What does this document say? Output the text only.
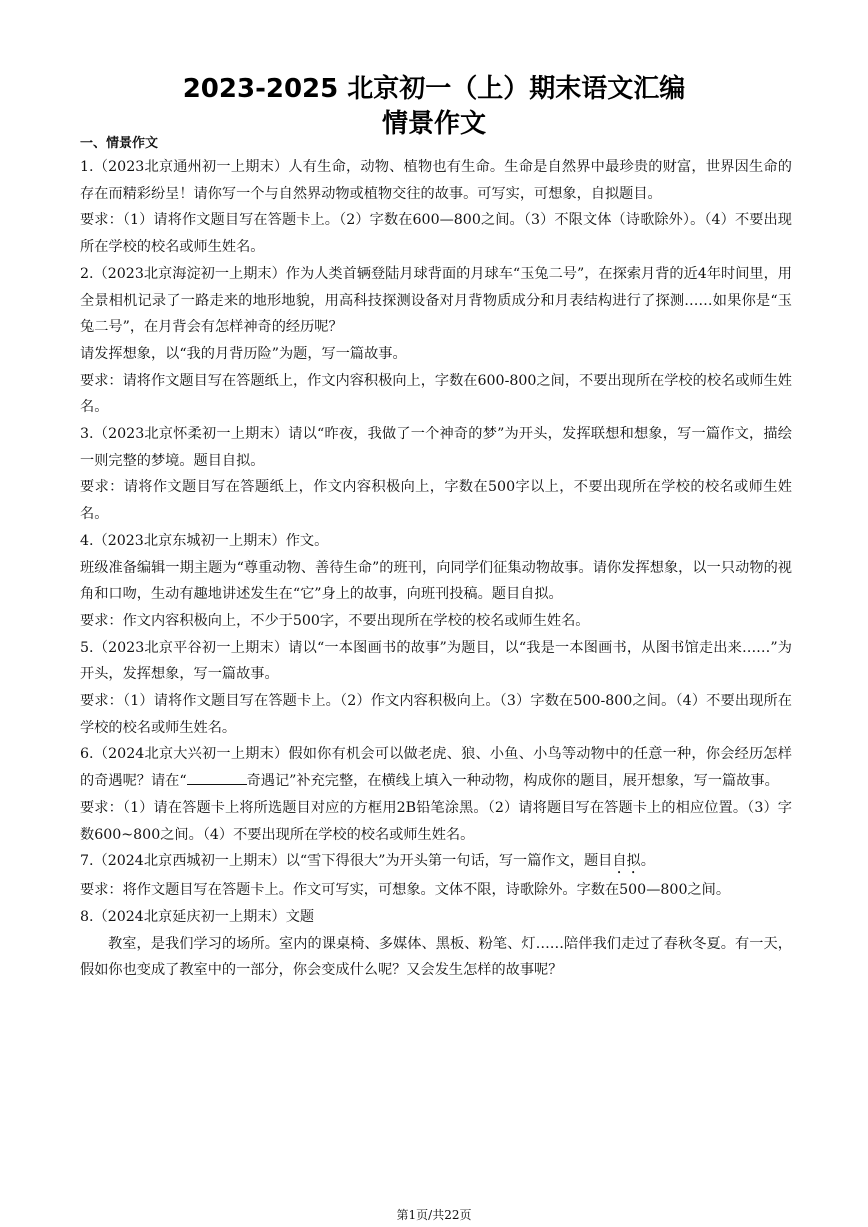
2023-2025 北京初一（上）期末语文汇编
情景作文
一、情景作文

1.（2023北京通州初一上期末）人有生命，动物、植物也有生命。生命是自然界中最珍贵的财富，世界因生命的存在而精彩纷呈！请你写一个与自然界动物或植物交往的故事。可写实，可想象，自拟题目。

要求：（1）请将作文题目写在答题卡上。（2）字数在600—800之间。（3）不限文体（诗歌除外）。（4）不要出现所在学校的校名或师生姓名。

2.（2023北京海淀初一上期末）作为人类首辆登陆月球背面的月球车“玉兔二号”，在探索月背的近4年时间里，用全景相机记录了一路走来的地形地貌，用高科技探测设备对月背物质成分和月表结构进行了探测……如果你是“玉兔二号”，在月背会有怎样神奇的经历呢？

请发挥想象，以“我的月背历险”为题，写一篇故事。

要求：请将作文题目写在答题纸上，作文内容积极向上，字数在600-800之间，不要出现所在学校的校名或师生姓名。

3.（2023北京怀柔初一上期末）请以“昨夜，我做了一个神奇的梦”为开头，发挥联想和想象，写一篇作文，描绘一则完整的梦境。题目自拟。

要求：请将作文题目写在答题纸上，作文内容积极向上，字数在500字以上，不要出现所在学校的校名或师生姓名。

4.（2023北京东城初一上期末）作文。

班级准备编辑一期主题为“尊重动物、善待生命”的班刊，向同学们征集动物故事。请你发挥想象，以一只动物的视角和口吻，生动有趣地讲述发生在“它”身上的故事，向班刊投稿。题目自拟。

要求：作文内容积极向上，不少于500字，不要出现所在学校的校名或师生姓名。

5.（2023北京平谷初一上期末）请以“一本图画书的故事”为题目，以“我是一本图画书，从图书馆走出来……”为开头，发挥想象，写一篇故事。

要求：（1）请将作文题目写在答题卡上。（2）作文内容积极向上。（3）字数在500-800之间。（4）不要出现所在学校的校名或师生姓名。

6.（2024北京大兴初一上期末）假如你有机会可以做老虎、狼、小鱼、小鸟等动物中的任意一种，你会经历怎样的奇遇呢？请在“	奇遇记”补充完整，在横线上填入一种动物，构成你的题目，展开想象，写一篇故事。

要求：（1）请在答题卡上将所选题目对应的方框用2B铅笔涂黑。（2）请将题目写在答题卡上的相应位置。（3）字数600~800之间。（4）不要出现所在学校的校名或师生姓名。

7.（2024北京西城初一上期末）以“雪下得很大”为开头第一句话，写一篇作文，题目自拟。

要求：将作文题目写在答题卡上。作文可写实，可想象。文体不限，诗歌除外。字数在500—800之间。

8.（2024北京延庆初一上期末）文题

教室，是我们学习的场所。室内的课桌椅、多媒体、黑板、粉笔、灯……陪伴我们走过了春秋冬夏。有一天，假如你也变成了教室中的一部分，你会变成什么呢？又会发生怎样的故事呢？

第1页/共22页
